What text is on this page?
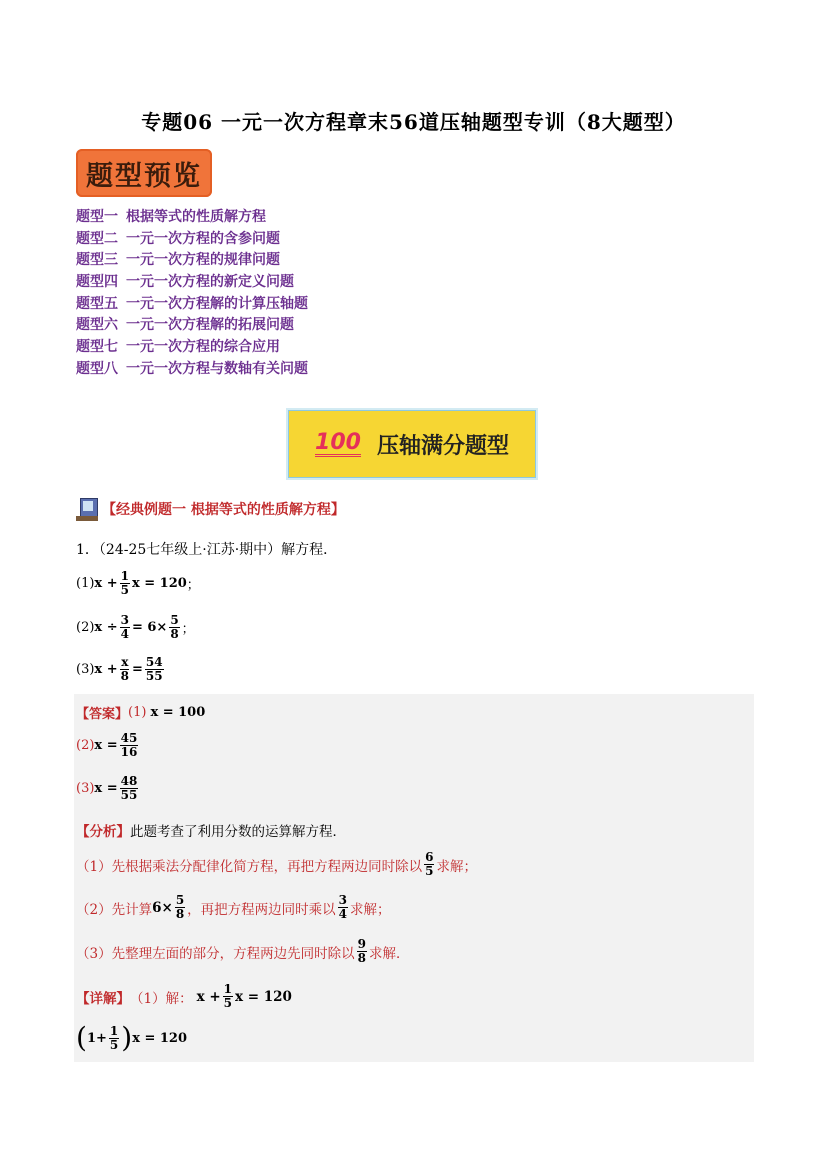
专题06 一元一次方程章末56道压轴题型专训（8大题型）
题型预览
题型一 根据等式的性质解方程
题型二 一元一次方程的含参问题
题型三 一元一次方程的规律问题
题型四 一元一次方程的新定义问题
题型五 一元一次方程解的计算压轴题
题型六 一元一次方程解的拓展问题
题型七 一元一次方程的综合应用
题型八 一元一次方程与数轴有关问题
100 压轴满分题型
【经典例题一 根据等式的性质解方程】
1．（24-25七年级上·江苏·期中）解方程．
(1) $x + \frac{1}{5}$ x = 120 ；
(2) $x \div \frac{3}{4} = 6\times \frac{5}{8}$ ；
(3) $x + \frac{x}{8} = \frac{54}{55}$
【答案】 (1) x = 100
(2) $x = \frac{45}{16}$
(3) $x = \frac{48}{55}$
【分析】 此题考查了利用分数的运算解方程．
（1）先根据乘法分配律化简方程，再把方程两边同时除以 $\frac{6}{5}$ 求解；
（2）先计算 $6\times \frac{5}{8}$ ，再把方程两边同时乘以 $\frac{3}{4}$ 求解；
（3）先整理左面的部分，方程两边先同时除以 $\frac{9}{8}$ 求解．
【详解】 （1）解： $x + \frac{1}{5}$ x = 120
( $1+ \frac{1}{5}$ ) x = 120
